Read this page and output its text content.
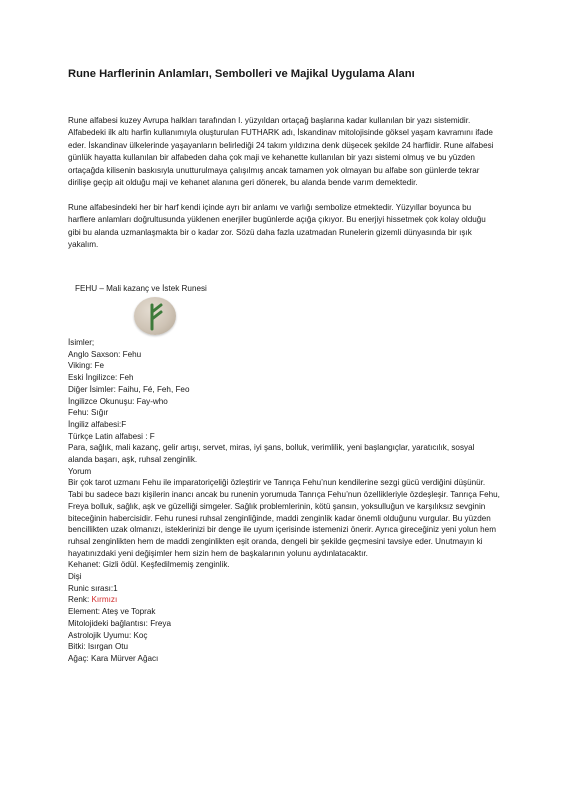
Rune Harflerinin Anlamları, Sembolleri ve Majikal Uygulama Alanı

Rune alfabesi kuzey Avrupa halkları tarafından I. yüzyıldan ortaçağ başlarına kadar kullanılan bir yazı sistemidir. Alfabedeki ilk altı harfin kullanımıyla oluşturulan FUTHARK adı, İskandinav mitolojisinde göksel yaşam kavramını ifade eder. İskandinav ülkelerinde yaşayanların belirlediği 24 takım yıldızına denk düşecek şekilde 24 harflidir. Rune alfabesi günlük hayatta kullanılan bir alfabeden daha çok maji ve kehanette kullanılan bir yazı sistemi olmuş ve bu yüzden ortaçağda kilisenin baskısıyla unutturulmaya çalışılmış ancak tamamen yok olmayan bu alfabe son günlerde tekrar dirilişe geçip ait olduğu maji ve kehanet alanına geri dönerek, bu alanda bende varım demektedir.

Rune alfabesindeki her bir harf kendi içinde ayrı bir anlamı ve varlığı sembolize etmektedir. Yüzyıllar boyunca bu harflere anlamları doğrultusunda yüklenen enerjiler bugünlerde açığa çıkıyor. Bu enerjiyi hissetmek çok kolay olduğu gibi bu alanda uzmanlaşmakta bir o kadar zor. Sözü daha fazla uzatmadan Runelerin gizemli dünyasında bir ışık yakalım.

FEHU – Mali kazanç ve İstek Runesi
İsimler;
Anglo Saxson: Fehu
Viking: Fe
Eski İngilizce: Feh
Diğer İsimler: Faihu, Fé, Feh, Feo
İngilizce Okunuşu: Fay-who
Fehu: Sığır
İngiliz alfabesi:F
Türkçe Latin alfabesi : F
Para, sağlık, mali kazanç, gelir artışı, servet, miras, iyi şans, bolluk, verimlilik, yeni başlangıçlar, yaratıcılık, sosyal alanda başarı, aşk, ruhsal zenginlik.
Yorum
Bir çok tarot uzmanı Fehu ile imparatoriçeliği özleştirir ve Tanrıça Fehu’nun kendilerine sezgi gücü verdiğini düşünür. Tabi bu sadece bazı kişilerin inancı ancak bu runenin yorumuda Tanrıça Fehu’nun özellikleriyle özdeşleşir. Tanrıça Fehu, Freya bolluk, sağlık, aşk ve güzelliği simgeler. Sağlık problemlerinin, kötü şansın, yoksulluğun ve karşılıksız sevginin biteceğinin habercisidir. Fehu runesi ruhsal zenginliğinde, maddi zenginlik kadar önemli olduğunu vurgular. Bu yüzden bencillikten uzak olmanızı, isteklerinizi bir denge ile uyum içerisinde istemenizi önerir. Ayrıca gireceğiniz yeni yolun hem ruhsal zenginlikten hem de maddi zenginlikten eşit oranda, dengeli bir şekilde geçmesini tavsiye eder. Unutmayın ki hayatınızdaki yeni değişimler hem sizin hem de başkalarının yolunu aydınlatacaktır.
Kehanet: Gizli ödül. Keşfedilmemiş zenginlik.
Dişi
Runic sırası:1
Renk: Kırmızı
Element: Ateş ve Toprak
Mitolojideki bağlantısı: Freya
Astrolojik Uyumu: Koç
Bitki: Isırgan Otu
Ağaç: Kara Mürver Ağacı
